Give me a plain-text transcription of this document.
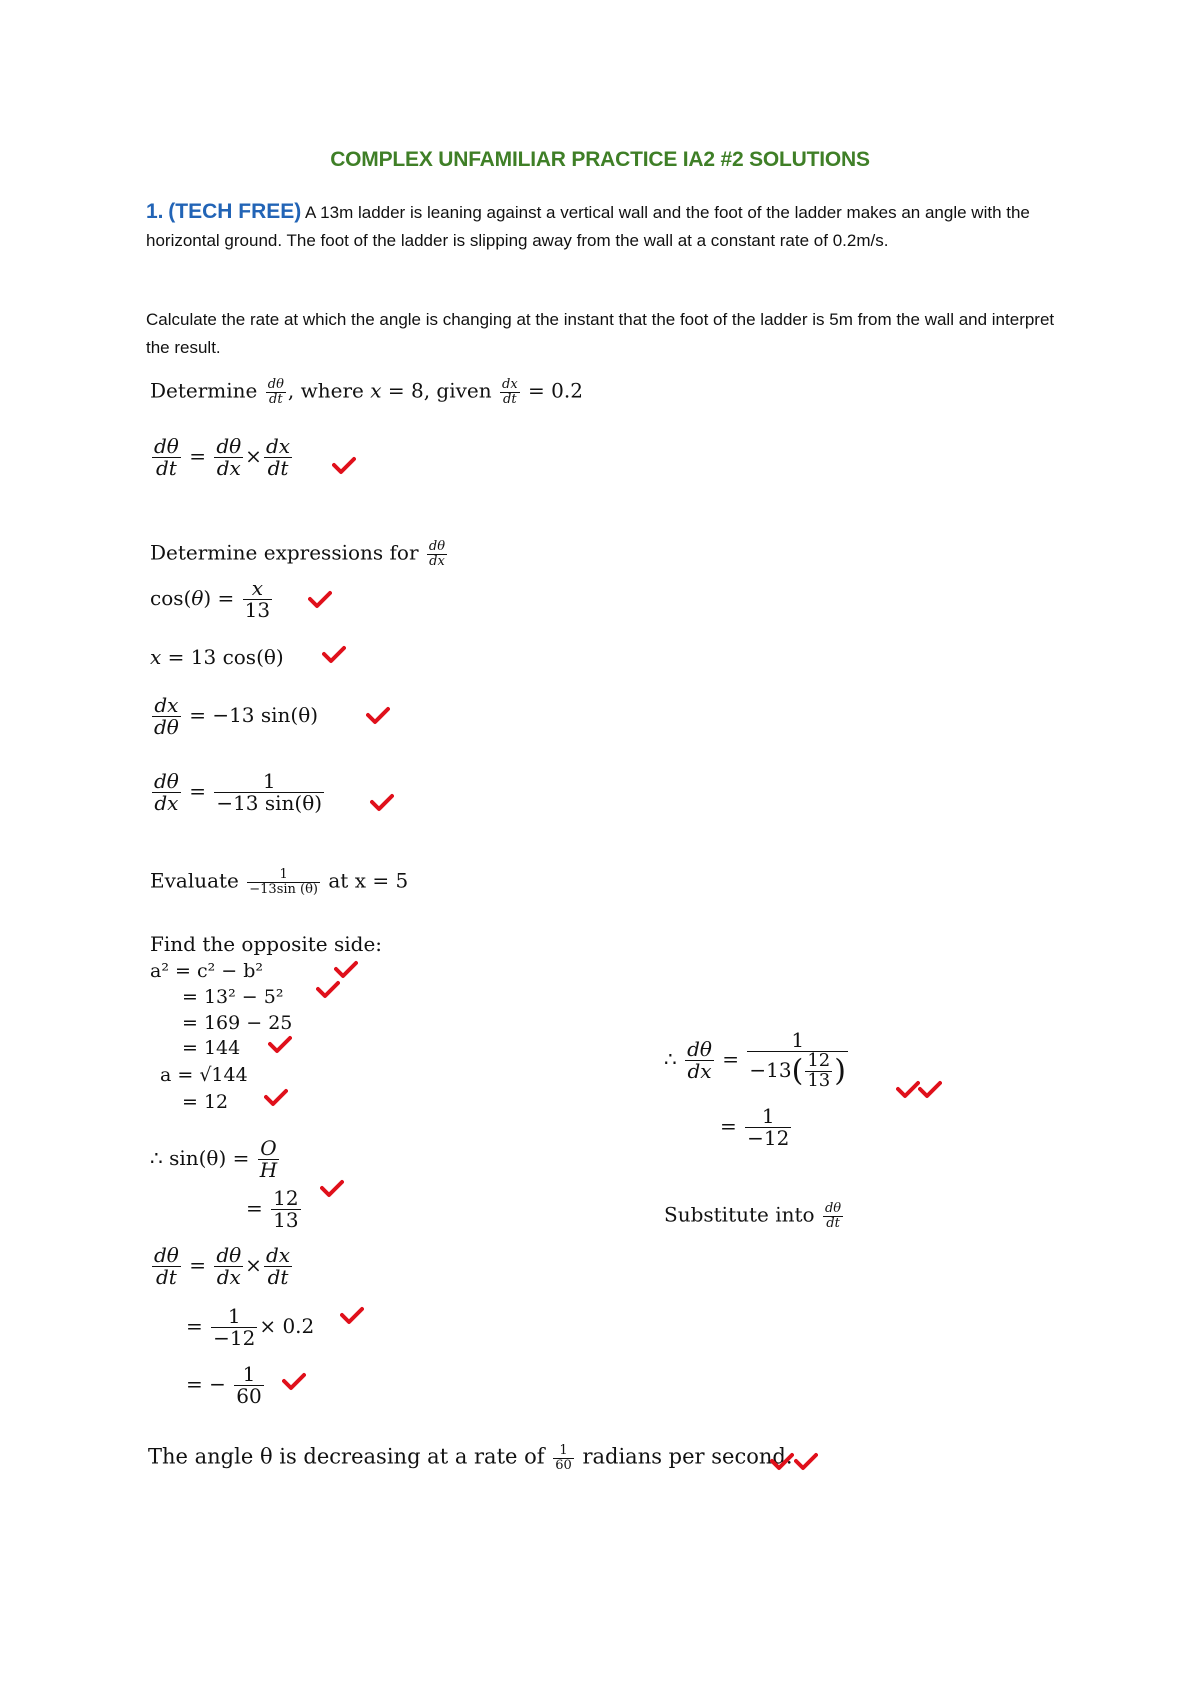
COMPLEX UNFAMILIAR PRACTICE IA2 #2 SOLUTIONS
1. (TECH FREE) A 13m ladder is leaning against a vertical wall and the foot of the ladder makes an angle with the horizontal ground. The foot of the ladder is slipping away from the wall at a constant rate of 0.2m/s.
Calculate the rate at which the angle is changing at the instant that the foot of the ladder is 5m from the wall and interpret the result.
Determine $\frac{d\theta}{dt}$ , where x = 8, given $\frac{dx}{dt} = 0.2$
$\frac{d\theta}{dt} = \frac{d\theta}{dx} \times \frac{dx}{dt}$
Determine expressions for $\frac{d\theta}{dx}$
$\cos(\theta) = \frac{x}{13}$
x = 13 cos(θ)
$\frac{dx}{d\theta} = -13$ sin(θ)
$\frac{d\theta}{dx} = \frac{1}{-13 \sin(\theta)}$
Evaluate $\frac{1}{-13\sin (\theta)}$ at x = 5
Find the opposite side:
a² = c² − b²
= 13² − 5²
= 169 − 25
= 144
a = √144
= 12
∴ $\sin(\theta) = \frac{O}{H}$
= $\frac{12}{13}$
$\frac{d\theta}{dt} = \frac{d\theta}{dx} \times \frac{dx}{dt}$
= $\frac{1}{-12} \times 0.2$
= − $\frac{1}{60}$
∴ $\frac{d\theta}{dx} = \frac{1}{-13( \frac{12}{13} )}$
= $\frac{1}{-12}$
Substitute into $\frac{d\theta}{dt}$
The angle θ is decreasing at a rate of $\frac{1}{60}$ radians per second.
